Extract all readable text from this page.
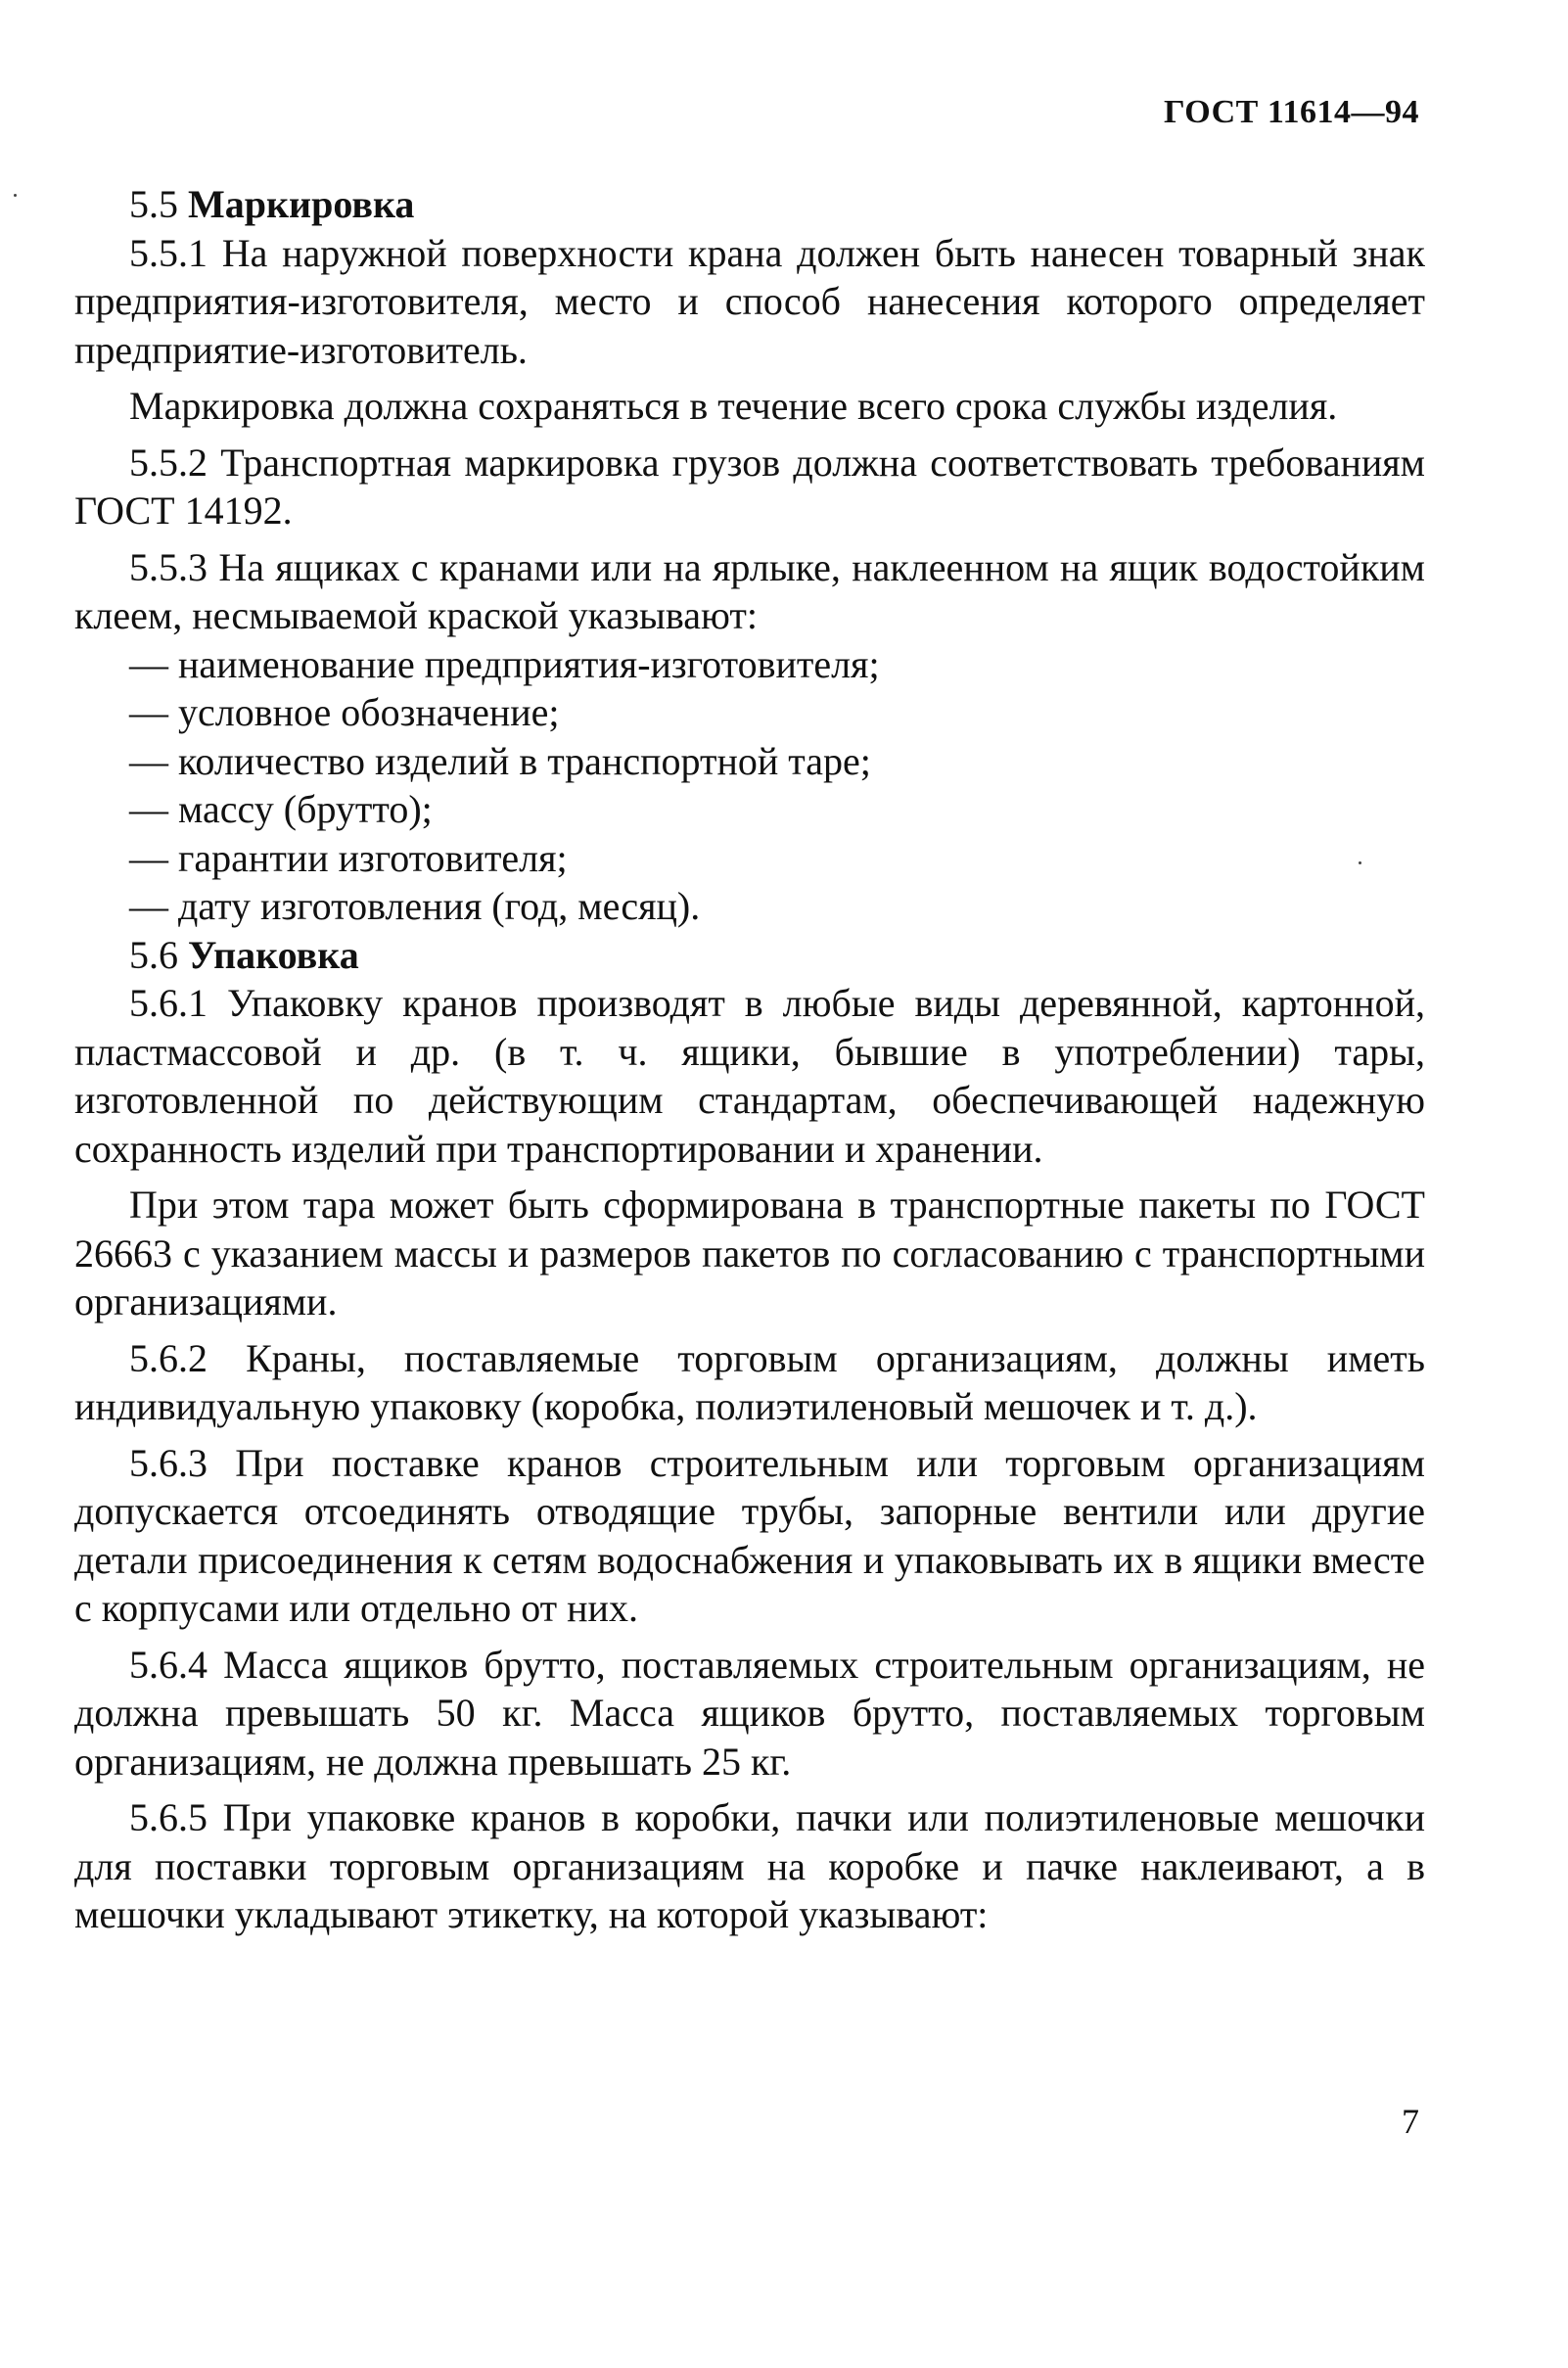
ГОСТ 11614—94

5.5 Маркировка

5.5.1 На наружной поверхности крана должен быть нанесен товарный знак предприятия-изготовителя, место и способ нанесения которого определяет предприятие-изготовитель.

Маркировка должна сохраняться в течение всего срока службы изделия.

5.5.2 Транспортная маркировка грузов должна соответствовать требованиям ГОСТ 14192.

5.5.3 На ящиках с кранами или на ярлыке, наклеенном на ящик водостойким клеем, несмываемой краской указывают:

— наименование предприятия-изготовителя;

— условное обозначение;

— количество изделий в транспортной таре;

— массу (брутто);

— гарантии изготовителя;

— дату изготовления (год, месяц).

5.6 Упаковка

5.6.1 Упаковку кранов производят в любые виды деревянной, картонной, пластмассовой и др. (в т. ч. ящики, бывшие в употреблении) тары, изготовленной по действующим стандартам, обеспечивающей надежную сохранность изделий при транспортировании и хранении.

При этом тара может быть сформирована в транспортные пакеты по ГОСТ 26663 с указанием массы и размеров пакетов по согласованию с транспортными организациями.

5.6.2 Краны, поставляемые торговым организациям, должны иметь индивидуальную упаковку (коробка, полиэтиленовый мешочек и т. д.).

5.6.3 При поставке кранов строительным или торговым организациям допускается отсоединять отводящие трубы, запорные вентили или другие детали присоединения к сетям водоснабжения и упаковывать их в ящики вместе с корпусами или отдельно от них.

5.6.4 Масса ящиков брутто, поставляемых строительным организациям, не должна превышать 50 кг. Масса ящиков брутто, поставляемых торговым организациям, не должна превышать 25 кг.

5.6.5 При упаковке кранов в коробки, пачки или полиэтиленовые мешочки для поставки торговым организациям на коробке и пачке наклеивают, а в мешочки укладывают этикетку, на которой указывают:

7
